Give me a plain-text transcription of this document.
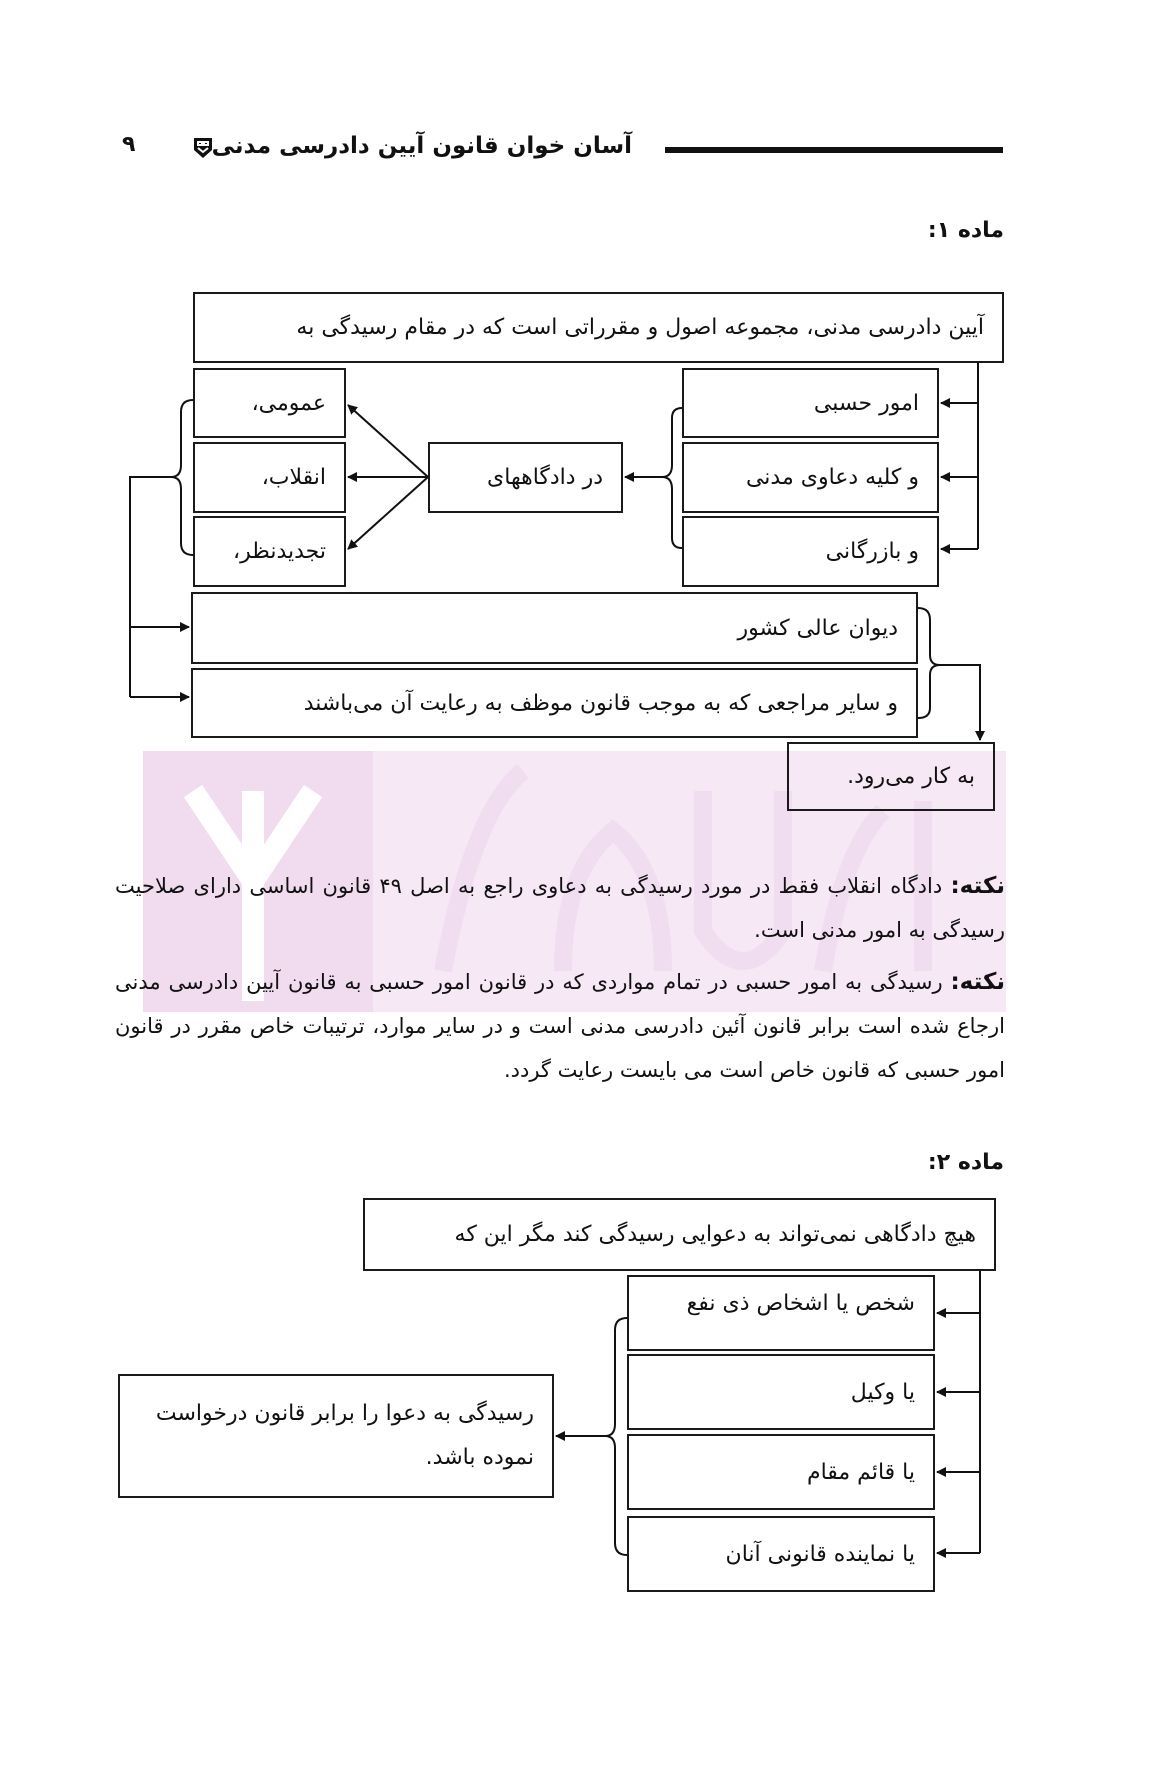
آسان خوان قانون آیین دادرسی مدنی
۹
ماده ۱:
آیین دادرسی مدنی، مجموعه اصول و مقرراتی است که در مقام رسیدگی به
امور حسبی
و کلیه دعاوی مدنی
و بازرگانی
در دادگاههای
عمومی،
انقلاب،
تجدیدنظر،
دیوان عالی کشور
و سایر مراجعی که به موجب قانون موظف به رعایت آن می‌باشند
به کار می‌رود.
نکته: دادگاه انقلاب فقط در مورد رسیدگی به دعاوی راجع به اصل ۴۹ قانون اساسی دارای صلاحیت رسیدگی به امور مدنی است.
نکته: رسیدگی به امور حسبی در تمام مواردی که در قانون امور حسبی به قانون آیین دادرسی مدنی ارجاع شده است برابر قانون آئین دادرسی مدنی است و در سایر موارد، ترتیبات خاص مقرر در قانون امور حسبی که قانون خاص است می بایست رعایت گردد.
ماده ۲:
هیچ دادگاهی نمی‌تواند به دعوایی رسیدگی کند مگر این که
شخص یا اشخاص ذی نفع
یا وکیل
یا قائم مقام
یا نماینده قانونی آنان
رسیدگی به دعوا را برابر قانون درخواست نموده باشد.
